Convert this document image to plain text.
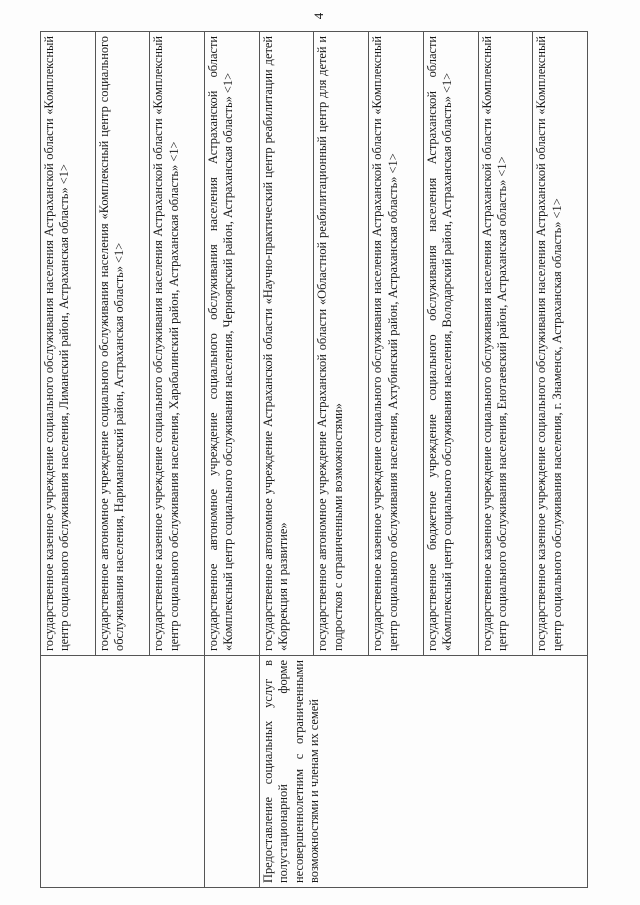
4

	государственное казенное учреждение социального обслуживания населения Астраханской области «Комплексный центр социального обслуживания населения, Лиманский район, Астраханская область» <1>

	государственное автономное учреждение социального обслуживания населения «Комплексный центр социального обслуживания населения, Наримановский район, Астраханская область» <1>

	государственное казенное учреждение социального обслуживания населения Астраханской области «Комплексный центр социального обслуживания населения, Харабалинский район, Астраханская область» <1>

	государственное автономное учреждение социального обслуживания населения Астраханской области «Комплексный центр социального обслуживания населения, Черноярский район, Астраханская область» <1>

Предоставление социальных услуг в полустационарной форме несовершеннолетним с ограниченными возможностями и членам их семей	государственное автономное учреждение Астраханской области «Научно-практический центр реабилитации детей «Коррекция и развитие»

	государственное автономное учреждение Астраханской области «Областной реабилитационный центр для детей и подростков с ограниченными возможностями»

	государственное казенное учреждение социального обслуживания населения Астраханской области «Комплексный центр социального обслуживания населения, Ахтубинский район, Астраханская область» <1>

	государственное бюджетное учреждение социального обслуживания населения Астраханской области «Комплексный центр социального обслуживания населения, Володарский район, Астраханская область» <1>

	государственное казенное учреждение социального обслуживания населения Астраханской области «Комплексный центр социального обслуживания населения, Енотаевский район, Астраханская область» <1>

	государственное казенное учреждение социального обслуживания населения Астраханской области «Комплексный центр социального обслуживания населения, г. Знаменск, Астраханская область» <1>
